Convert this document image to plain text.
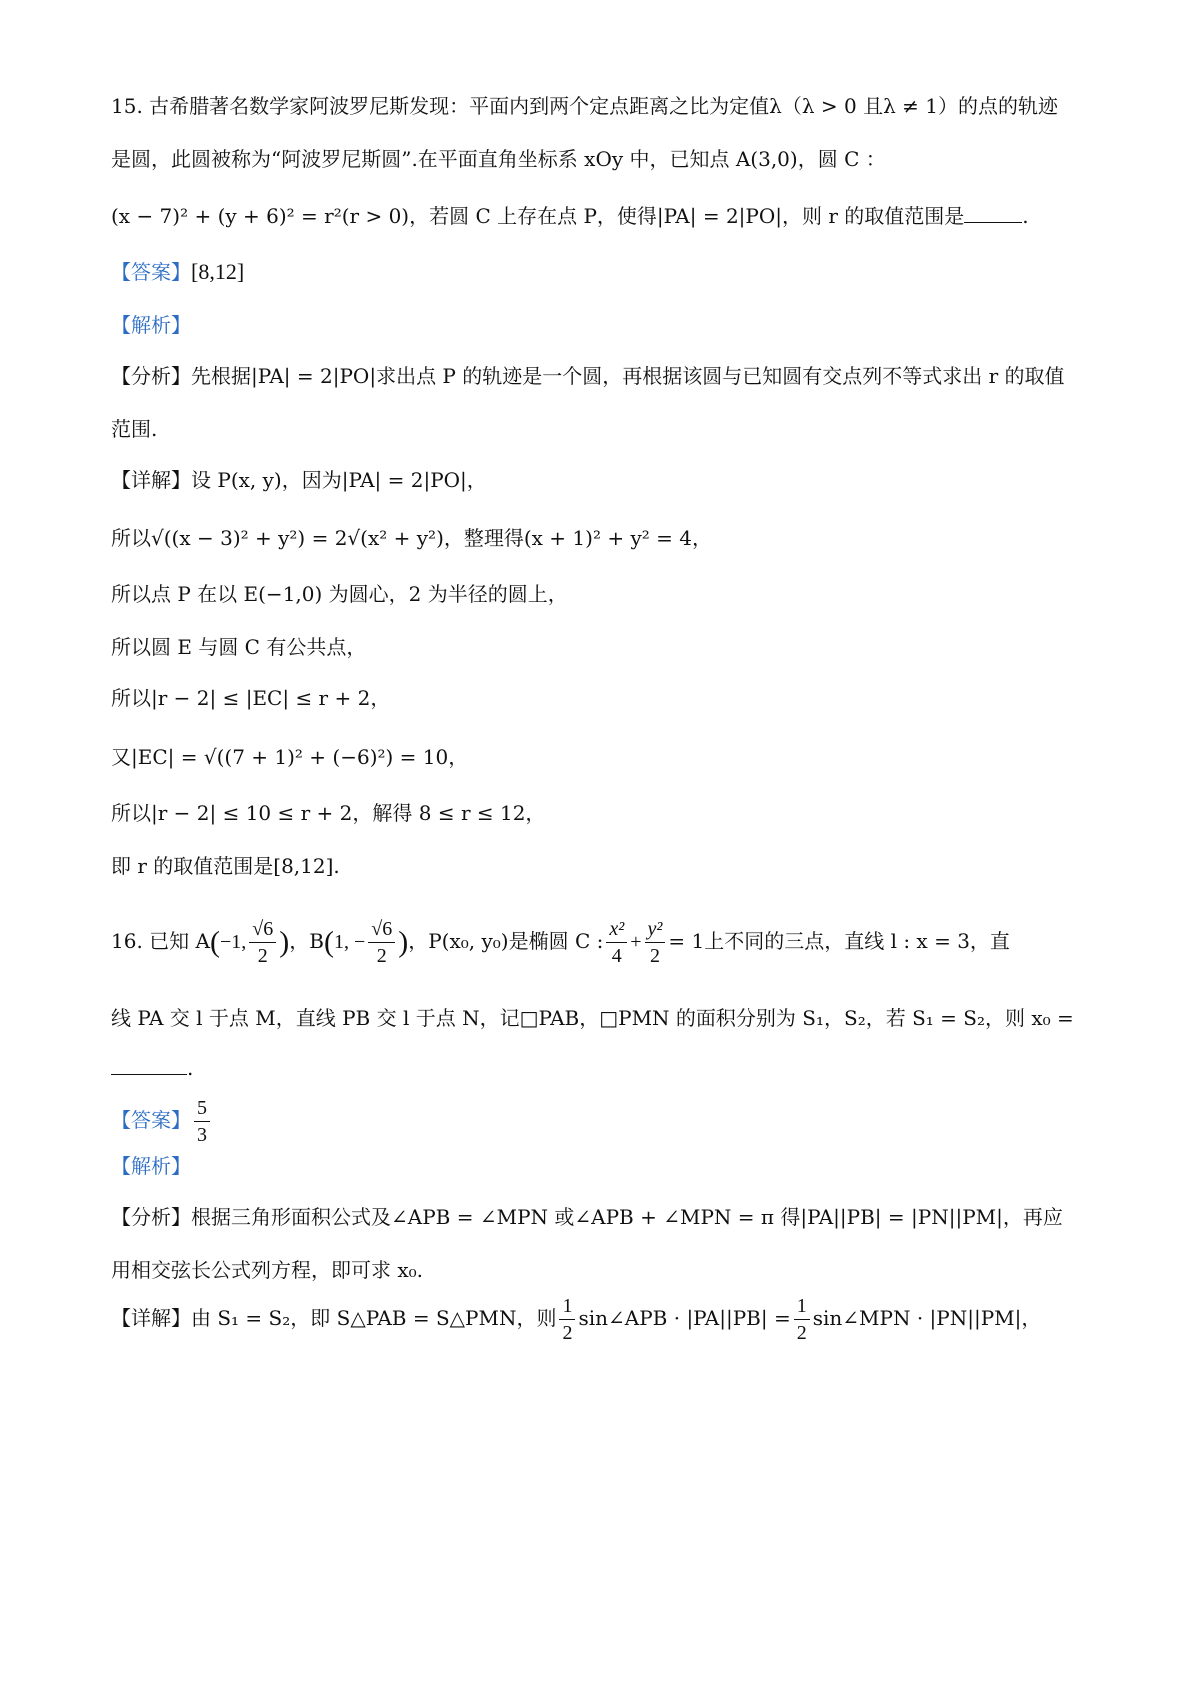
15. 古希腊著名数学家阿波罗尼斯发现：平面内到两个定点距离之比为定值λ（λ > 0 且λ ≠ 1）的点的轨迹
是圆，此圆被称为“阿波罗尼斯圆”.在平面直角坐标系 xOy 中，已知点 A(3,0)，圆 C ：
(x − 7)² + (y + 6)² = r²(r > 0)，若圆 C 上存在点 P，使得|PA| = 2|PO|，则 r 的取值范围是	.
【答案】[8,12]
【解析】
【分析】先根据|PA| = 2|PO|求出点 P 的轨迹是一个圆，再根据该圆与已知圆有交点列不等式求出 r 的取值
范围.
【详解】设 P(x, y)，因为|PA| = 2|PO|，
所以√((x − 3)² + y²) = 2√(x² + y²)，整理得(x + 1)² + y² = 4，
所以点 P 在以 E(−1,0) 为圆心，2 为半径的圆上，
所以圆 E 与圆 C 有公共点，
所以|r − 2| ≤ |EC| ≤ r + 2，
又|EC| = √((7 + 1)² + (−6)²) = 10，
所以|r − 2| ≤ 10 ≤ r + 2，解得 8 ≤ r ≤ 12，
即 r 的取值范围是[8,12].
16. 已知 A(−1, $\frac{√6}{2}$ )，B(1, − $\frac{√6}{2}$ )，P(x₀, y₀)是椭圆 C : $\frac{\text{x²}}{4} + \frac{\text{y²}}{2} = 1$上不同的三点，直线 l : x = 3，直
线 PA 交 l 于点 M，直线 PB 交 l 于点 N，记□PAB，□PMN 的面积分别为 S₁，S₂，若 S₁ = S₂，则 x₀ =
.
【答案】 $\frac{5}{3}$
【解析】
【分析】根据三角形面积公式及∠APB = ∠MPN 或∠APB + ∠MPN = π 得|PA||PB| = |PN||PM|，再应
用相交弦长公式列方程，即可求 x₀.
【详解】由 S₁ = S₂，即 S△PAB = S△PMN，则 $\frac{1}{2}$ sin∠APB · $|PA||PB| = \frac{1}{2}$ sin∠MPN · |PN||PM|，
